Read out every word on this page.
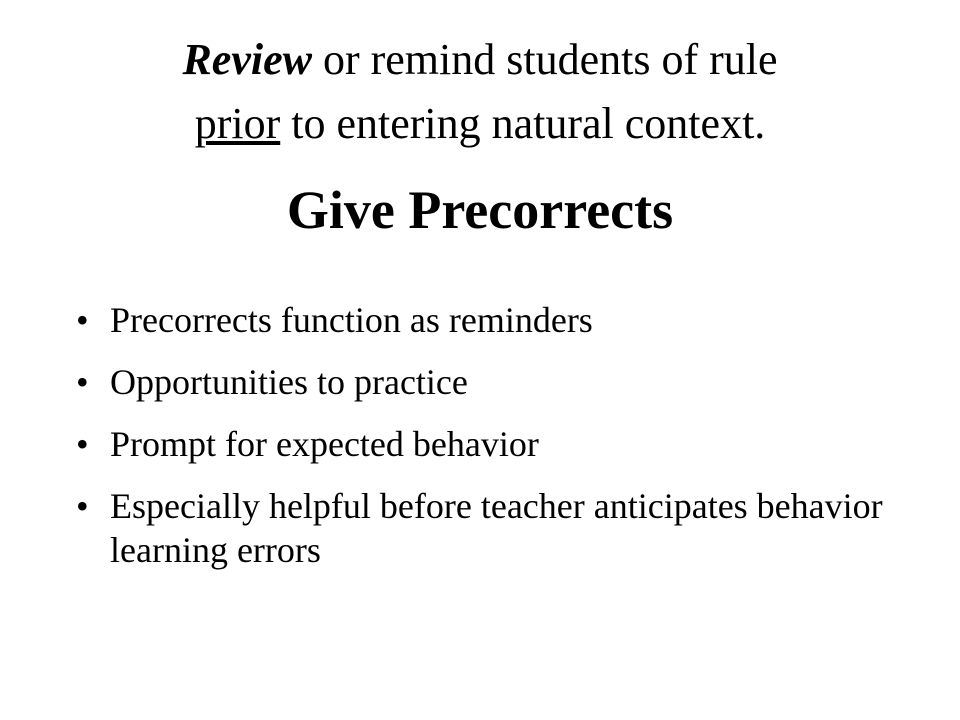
Review or remind students of rule
prior to entering natural context.
Give Precorrects
• Precorrects function as reminders
• Opportunities to practice
• Prompt for expected behavior
• Especially helpful before teacher anticipates behavior learning errors
